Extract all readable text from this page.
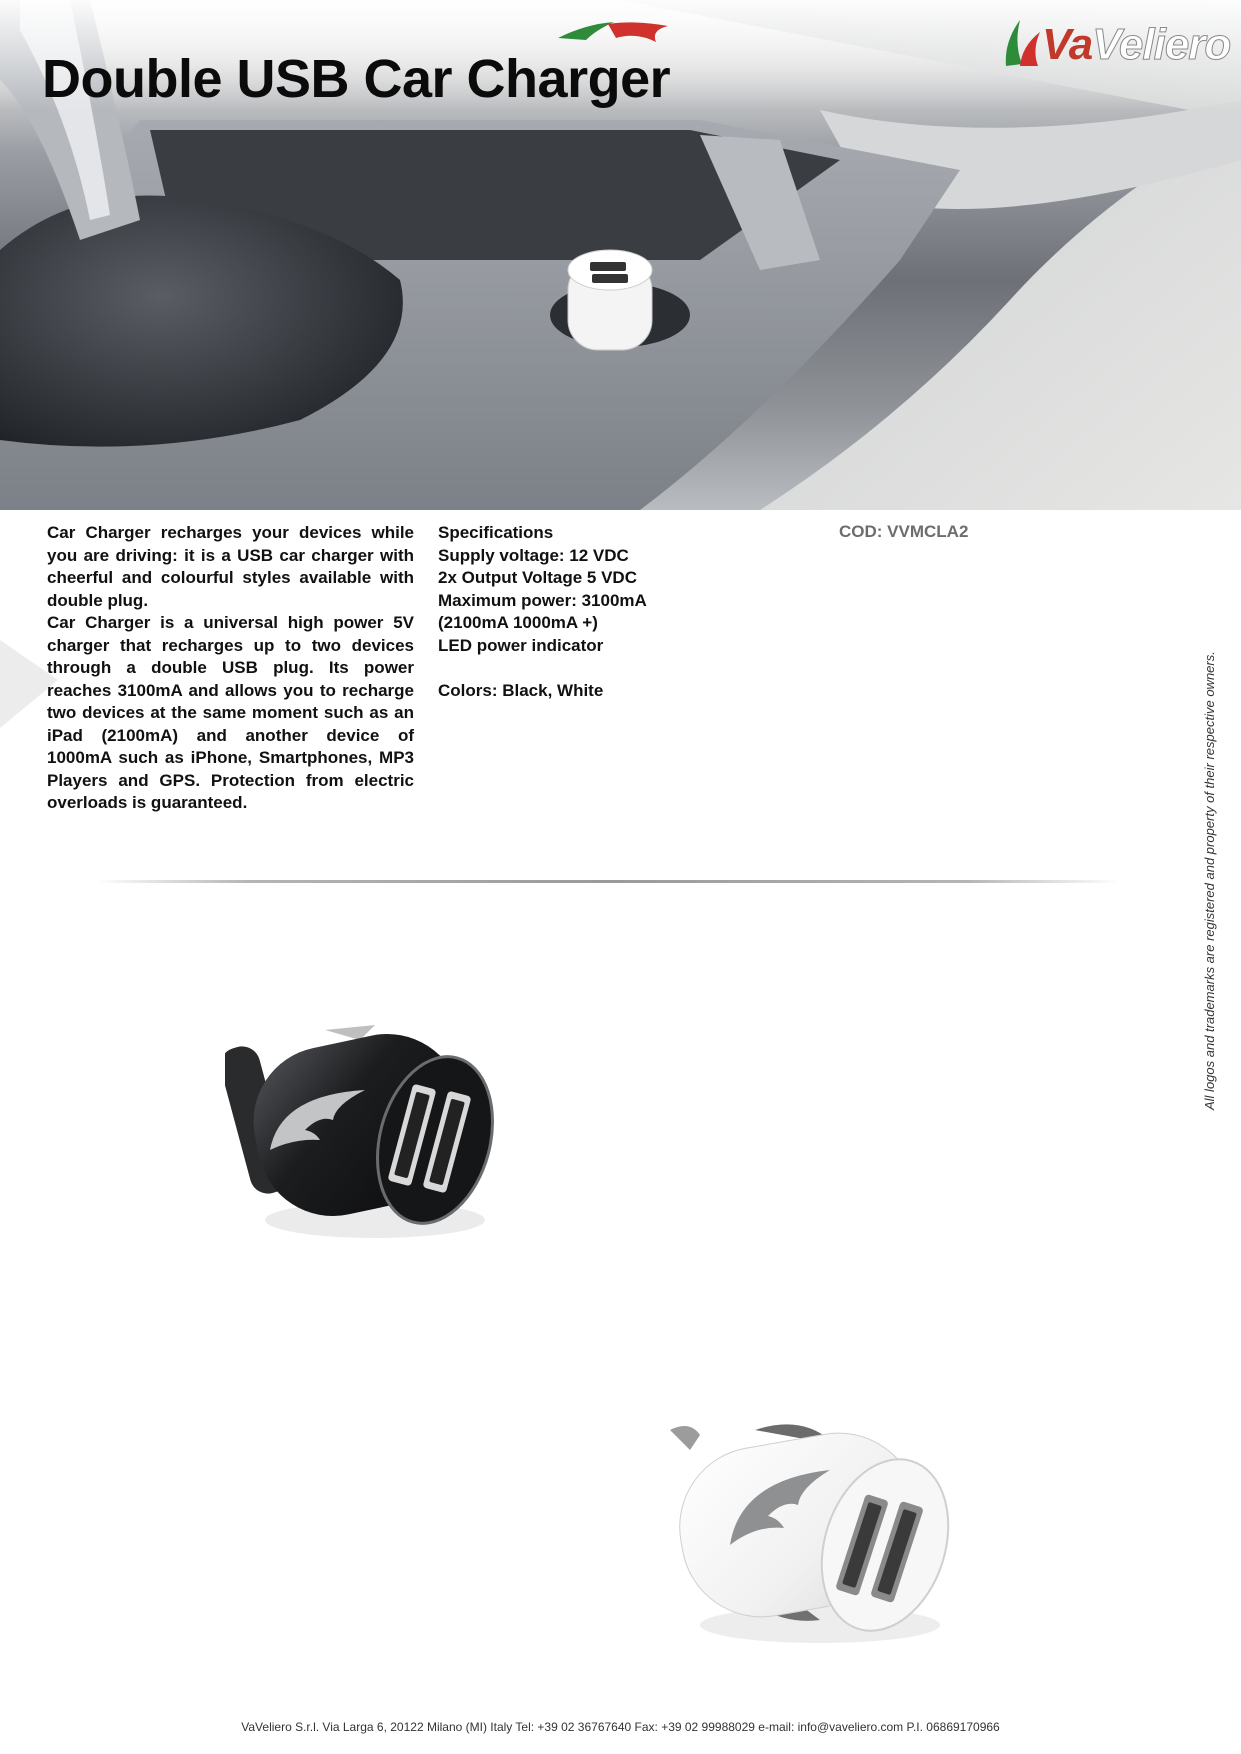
Double USB Car Charger
VaVeliero

Car Charger recharges your devices while you are driving: it is a USB car charger with cheerful and colourful styles available with double plug.

Car Charger is a universal high power 5V charger that recharges up to two devices through a double USB plug. Its power reaches 3100mA and allows you to recharge two devices at the same moment such as an iPad (2100mA) and another device of 1000mA such as iPhone, Smartphones, MP3 Players and GPS. Protection from electric overloads is guaranteed.

Specifications
Supply voltage: 12 VDC
2x Output Voltage 5 VDC
Maximum power: 3100mA
(2100mA 1000mA +)
LED power indicator
Colors: Black, White
COD: VVMCLA2
All logos and trademarks are registered and property of their respective owners.
VaVeliero S.r.l. Via Larga 6, 20122 Milano (MI) Italy Tel: +39 02 36767640 Fax: +39 02 99988029 e-mail: info@vaveliero.com P.I. 06869170966
